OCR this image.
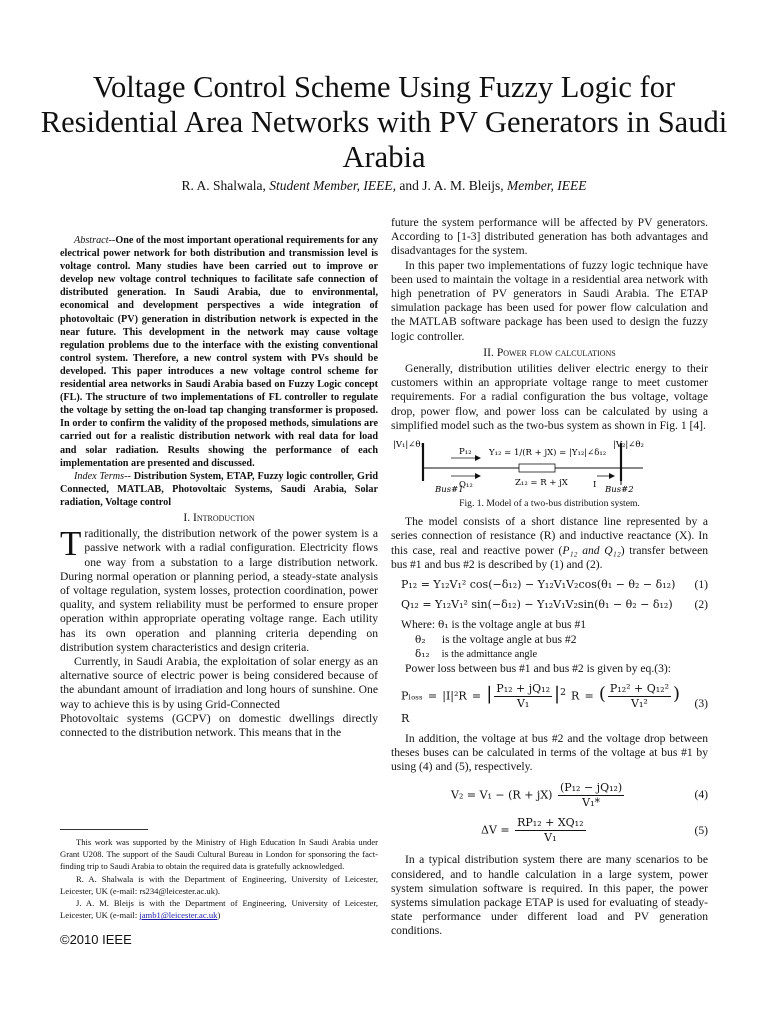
Voltage Control Scheme Using Fuzzy Logic for Residential Area Networks with PV Generators in Saudi Arabia
R. A. Shalwala, Student Member, IEEE, and J. A. M. Bleijs, Member, IEEE

Abstract--One of the most important operational requirements for any electrical power network for both distribution and transmission level is voltage control. Many studies have been carried out to improve or develop new voltage control techniques to facilitate safe connection of distributed generation. In Saudi Arabia, due to environmental, economical and development perspectives a wide integration of photovoltaic (PV) generation in distribution network is expected in the near future. This development in the network may cause voltage regulation problems due to the interface with the existing conventional control system. Therefore, a new control system with PVs should be developed. This paper introduces a new voltage control scheme for residential area networks in Saudi Arabia based on Fuzzy Logic concept (FL). The structure of two implementations of FL controller to regulate the voltage by setting the on-load tap changing transformer is proposed. In order to confirm the validity of the proposed methods, simulations are carried out for a realistic distribution network with real data for load and solar radiation. Results showing the performance of each implementation are presented and discussed.

Index Terms-- Distribution System, ETAP, Fuzzy logic controller, Grid Connected, MATLAB, Photovoltaic Systems, Saudi Arabia, Solar radiation, Voltage control

I. Introduction

Traditionally, the distribution network of the power system is a passive network with a radial configuration. Electricity flows one way from a substation to a large distribution network. During normal operation or planning period, a steady-state analysis of voltage regulation, system losses, protection coordination, power quality, and system reliability must be performed to ensure proper operation within appropriate operating voltage range. Each utility has its own operation and planning criteria depending on distribution system characteristics and design criteria.

Currently, in Saudi Arabia, the exploitation of solar energy as an alternative source of electric power is being considered because of the abundant amount of irradiation and long hours of sunshine. One way to achieve this is by using Grid-Connected

Photovoltaic systems (GCPV) on domestic dwellings directly connected to the distribution network. This means that in the

This work was supported by the Ministry of High Education In Saudi Arabia under Grant U208. The support of the Saudi Cultural Bureau in London for sponsoring the fact-finding trip to Saudi Arabia to obtain the required data is gratefully acknowledged.

R. A. Shalwala is with the Department of Engineering, University of Leicester, Leicester, UK (e-mail: rs234@leicester.ac.uk).

J. A. M. Bleijs is with the Department of Engineering, University of Leicester, Leicester, UK (e-mail: jamb1@leicester.ac.uk)

©2010 IEEE

future the system performance will be affected by PV generators. According to [1-3] distributed generation has both advantages and disadvantages for the system.

In this paper two implementations of fuzzy logic technique have been used to maintain the voltage in a residential area network with high penetration of PV generators in Saudi Arabia. The ETAP simulation package has been used for power flow calculation and the MATLAB software package has been used to design the fuzzy logic controller.

II. Power flow calculations

Generally, distribution utilities deliver electric energy to their customers within an appropriate voltage range to meet customer requirements. For a radial configuration the bus voltage, voltage drop, power flow, and power loss can be calculated by using a simplified model such as the two-bus system as shown in Fig. 1 [4].

|V₁|∠θ₁	|V₂|∠θ₂
P₁₂
Q₁₂
Y₁₂ = 1/(R + jX) = |Y₁₂|∠δ₁₂
Z₁₂ = R + jX	I
Bus#1	Bus#2
Fig. 1. Model of a two-bus distribution system.

The model consists of a short distance line represented by a series connection of resistance (R) and inductive reactance (X). In this case, real and reactive power (P₁₂ and Q₁₂) transfer between bus #1 and bus #2 is described by (1) and (2).

P₁₂ = Y₁₂V₁² cos(−δ₁₂) − Y₁₂V₁V₂cos(θ₁ − θ₂ − δ₁₂)	(1)
Q₁₂ = Y₁₂V₁² sin(−δ₁₂) − Y₁₂V₁V₂sin(θ₁ − θ₂ − δ₁₂)	(2)
Where: θ₁ is the voltage angle at bus #1
θ₂ is the voltage angle at bus #2
δ₁₂ is the admittance angle

Power loss between bus #1 and bus #2 is given by eq.(3):

Pₗₒₛₛ = |I|²R = | $\frac{\text{P₁₂ + jQ₁₂}}{\text{V₁}} |^2$ R = ( $\frac{\text{P₁₂² + Q₁₂²}}{\text{V₁²}}$ ) R
(3)

In addition, the voltage at bus #2 and the voltage drop between theses buses can be calculated in terms of the voltage at bus #1 by using (4) and (5), respectively.

$V_2 = V_1 - (R + jX) \frac{\text{(P₁₂ − jQ₁₂)}}{\text{V₁*}}$	(4)
$\Delta V = \frac{\text{RP₁₂ + XQ₁₂}}{\text{V₁}}$	(5)

In a typical distribution system there are many scenarios to be considered, and to handle calculation in a large system, power system simulation software is required. In this paper, the power systems simulation package ETAP is used for evaluating of steady-state performance under different load and PV generation conditions.
